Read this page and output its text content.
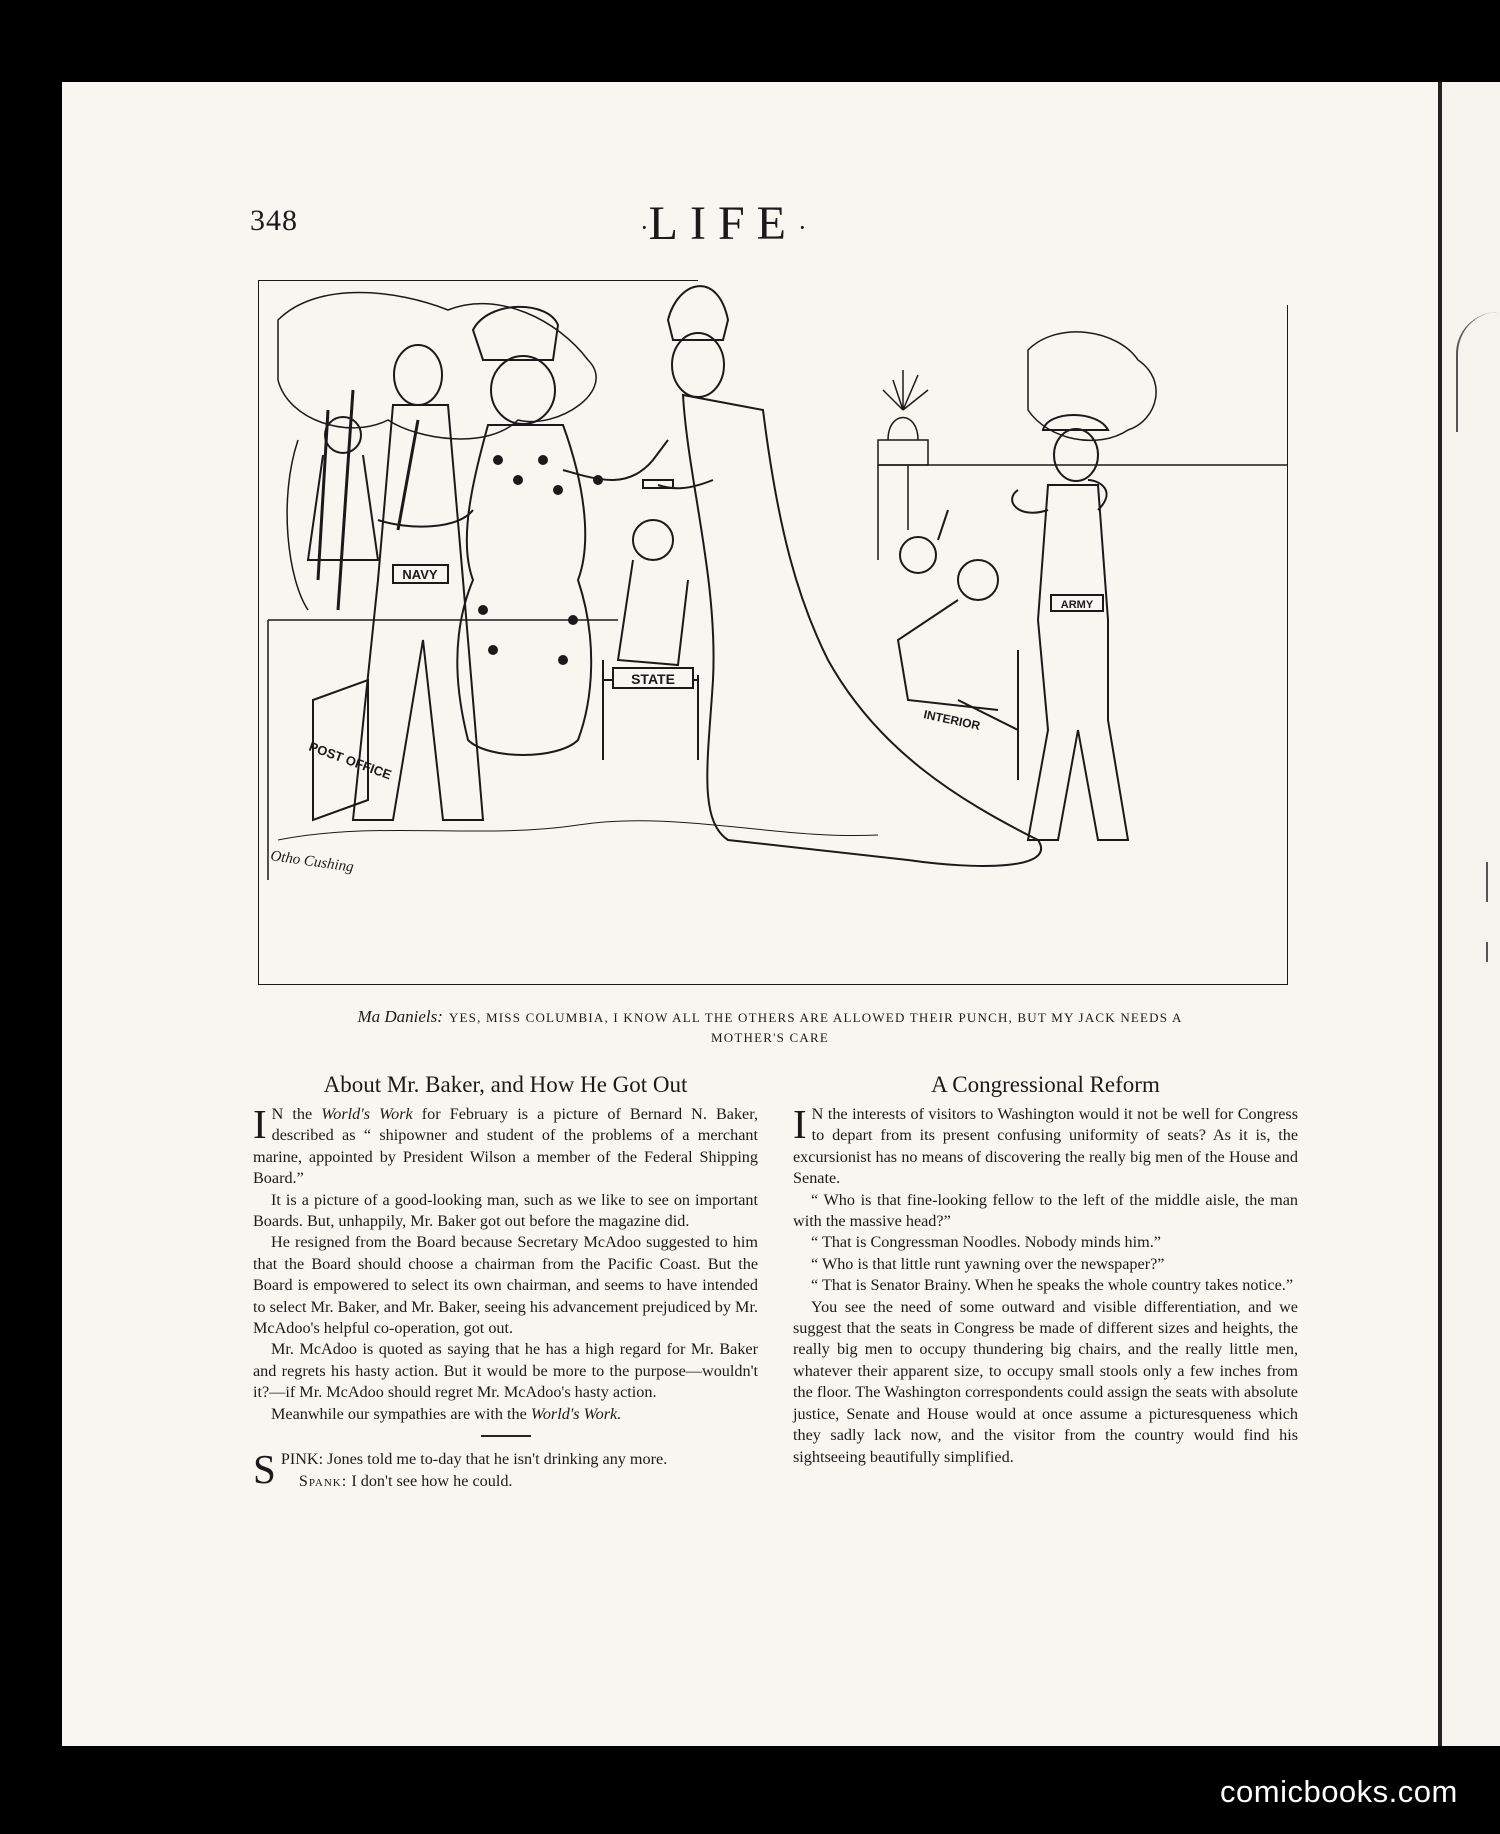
348	·LIFE·
NAVY
STATE
POST OFFICE
INTERIOR
ARMY
Otho Cushing
Ma Daniels: YES, MISS COLUMBIA, I KNOW ALL THE OTHERS ARE ALLOWED THEIR PUNCH, BUT MY JACK NEEDS A MOTHER'S CARE
About Mr. Baker, and How He Got Out

I N the World's Work for February is a picture of Bernard N. Baker, described as “ shipowner and student of the problems of a merchant marine, appointed by President Wilson a member of the Federal Shipping Board.”

It is a picture of a good-looking man, such as we like to see on important Boards. But, unhappily, Mr. Baker got out before the magazine did.

He resigned from the Board because Secretary McAdoo suggested to him that the Board should choose a chairman from the Pacific Coast. But the Board is empowered to select its own chairman, and seems to have intended to select Mr. Baker, and Mr. Baker, seeing his advancement prejudiced by Mr. McAdoo's helpful co-operation, got out.

Mr. McAdoo is quoted as saying that he has a high regard for Mr. Baker and regrets his hasty action. But it would be more to the purpose—wouldn't it?—if Mr. McAdoo should regret Mr. McAdoo's hasty action.

Meanwhile our sympathies are with the World's Work.

SPINK: Jones told me to-day that he isn't drinking any more.

Spank: I don't see how he could.

A Congressional Reform

I N the interests of visitors to Washington would it not be well for Congress to depart from its present confusing uniformity of seats? As it is, the excursionist has no means of discovering the really big men of the House and Senate.

“ Who is that fine-looking fellow to the left of the middle aisle, the man with the massive head?”

“ That is Congressman Noodles. Nobody minds him.”

“ Who is that little runt yawning over the newspaper?”

“ That is Senator Brainy. When he speaks the whole country takes notice.”

You see the need of some outward and visible differentiation, and we suggest that the seats in Congress be made of different sizes and heights, the really big men to occupy thundering big chairs, and the really little men, whatever their apparent size, to occupy small stools only a few inches from the floor. The Washington correspondents could assign the seats with absolute justice, Senate and House would at once assume a picturesqueness which they sadly lack now, and the visitor from the country would find his sightseeing beautifully simplified.

comicbooks.com
